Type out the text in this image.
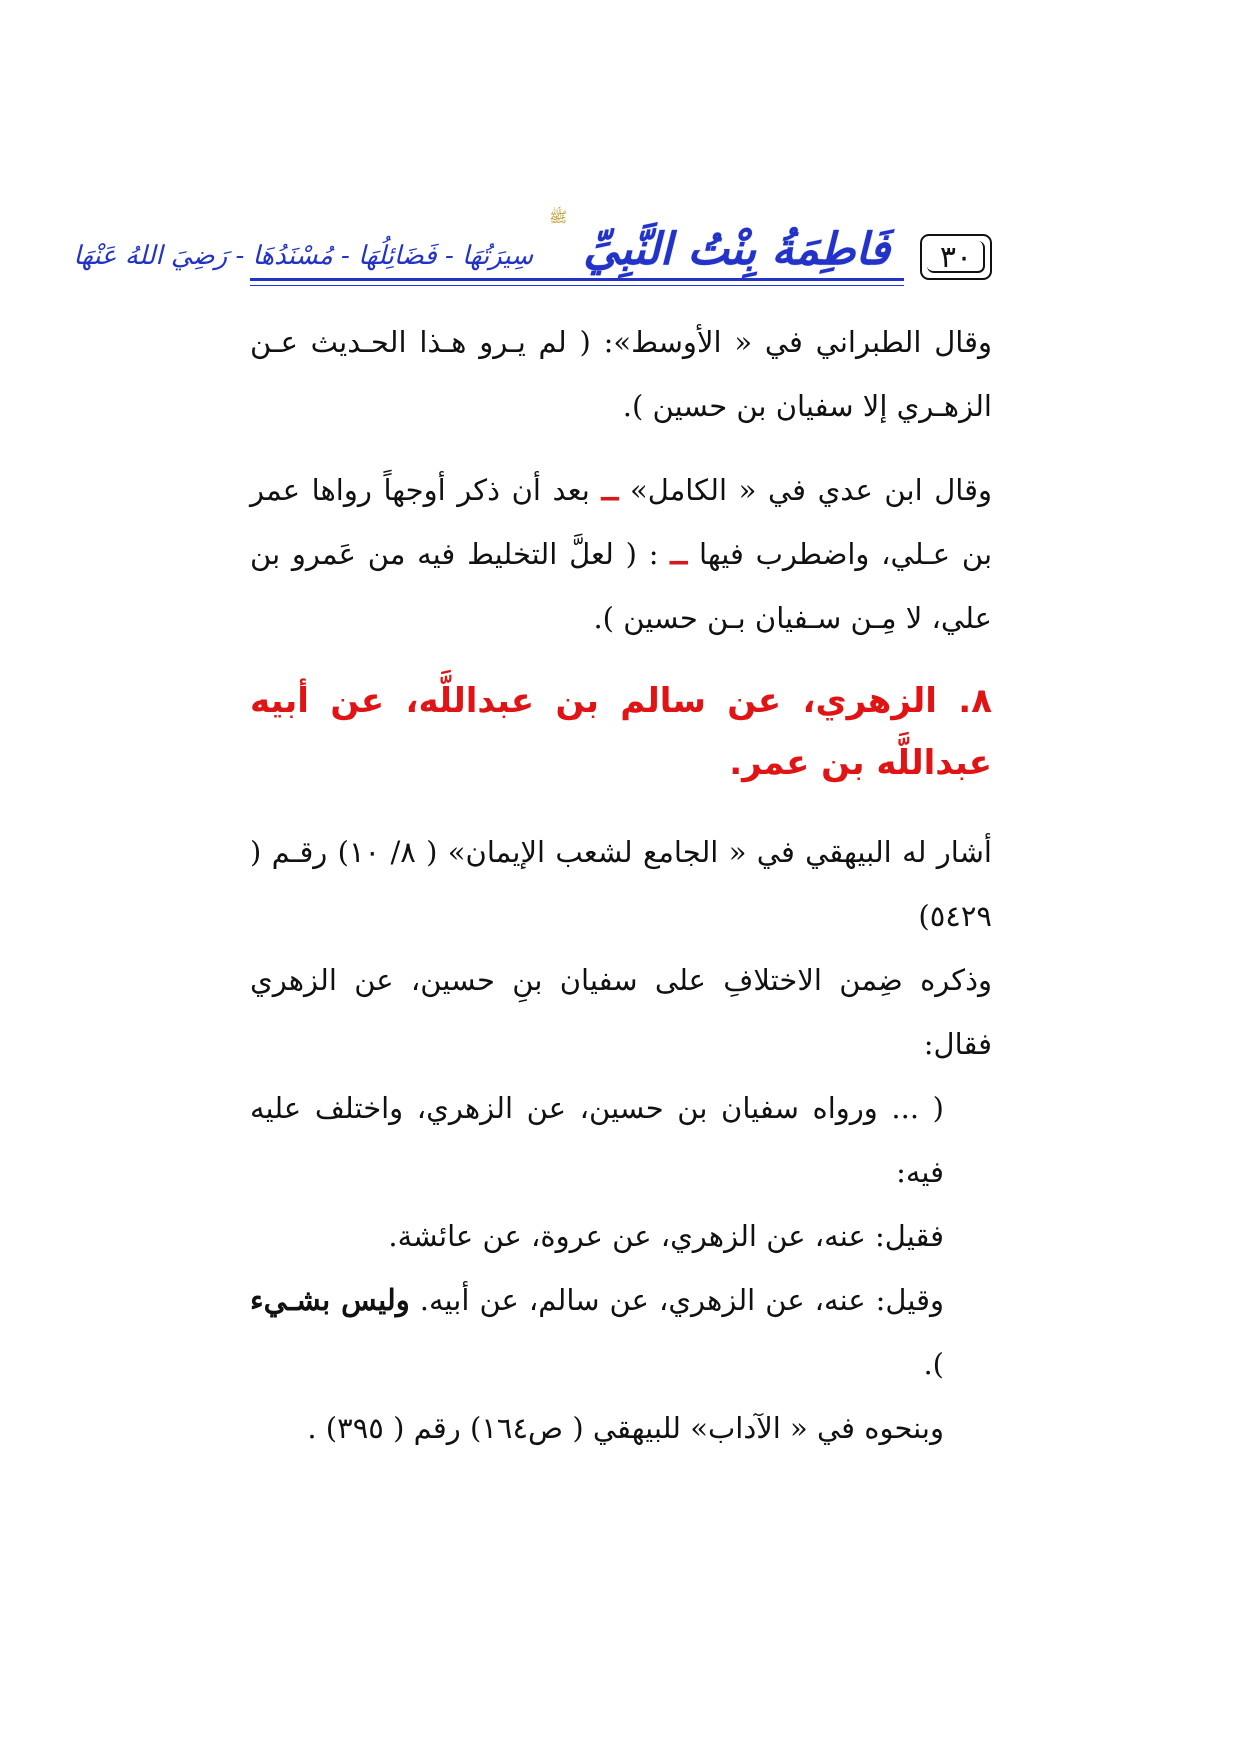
٣٠
فَاطِمَةُ بِنْتُ النَّبِيِّ
ﷺ
سِيرَتُهَا - فَضَائِلُهَا - مُسْنَدُهَا - رَضِيَ اللهُ عَنْهَا

وقال الطبراني في « الأوسط»: ( لم يـرو هـذا الحـديث عـن الزهـري إلا سفيان بن حسين ).

وقال ابن عدي في « الكامل» ــ بعد أن ذكر أوجهاً رواها عمر بن عـلي، واضطرب فيها ــ : ( لعلَّ التخليط فيه من عَمرو بن علي، لا مِـن سـفيان بـن حسين ).

٨. الزهري، عن سالم بن عبداللَّه، عن أبيه عبداللَّه بن عمر.

أشار له البيهقي في « الجامع لشعب الإيمان» ( ٨/ ١٠) رقـم ( ٥٤٢٩)

وذكره ضِمن الاختلافِ على سفيان بنِ حسين، عن الزهري فقال:

( ... ورواه سفيان بن حسين، عن الزهري، واختلف عليه فيه:

فقيل: عنه، عن الزهري، عن عروة، عن عائشة.

وقيل: عنه، عن الزهري، عن سالم، عن أبيه. وليس بشـيء ).

وبنحوه في « الآداب» للبيهقي ( ص١٦٤) رقم ( ٣٩٥) .
